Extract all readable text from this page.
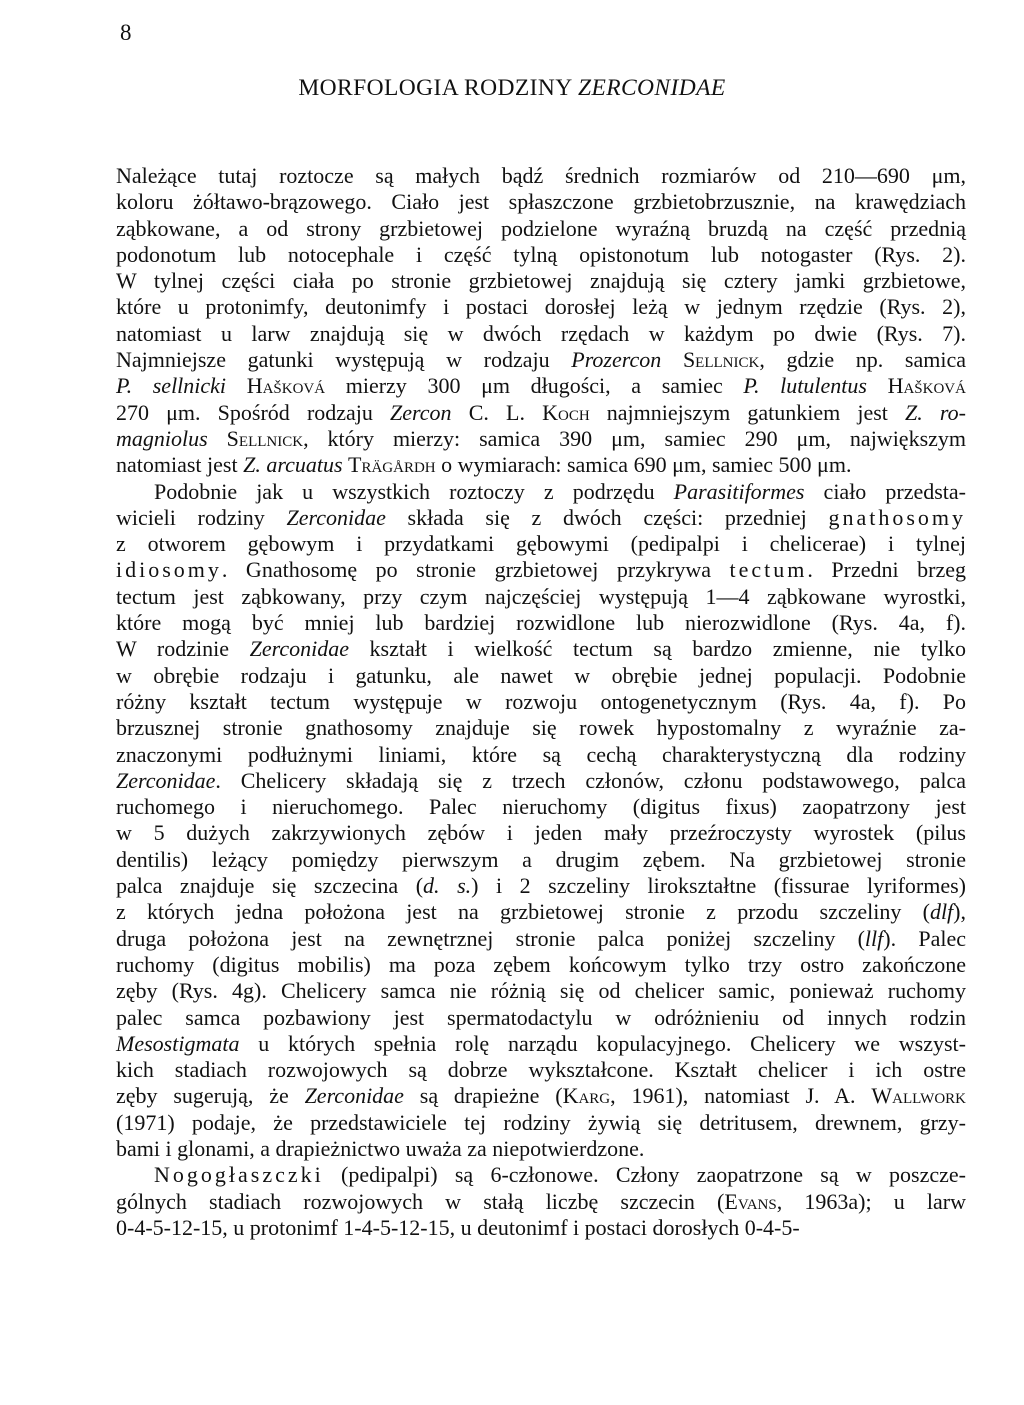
8
MORFOLOGIA RODZINY ZERCONIDAE
Należące tutaj roztocze są małych bądź średnich rozmiarów od 210—690 μm,
koloru żółtawo-brązowego. Ciało jest spłaszczone grzbietobrzusznie, na krawędziach
ząbkowane, a od strony grzbietowej podzielone wyraźną bruzdą na część przednią
podonotum lub notocephale i część tylną opistonotum lub notogaster (Rys. 2).
W tylnej części ciała po stronie grzbietowej znajdują się cztery jamki grzbietowe,
które u protonimfy, deutonimfy i postaci dorosłej leżą w jednym rzędzie (Rys. 2),
natomiast u larw znajdują się w dwóch rzędach w każdym po dwie (Rys. 7).
Najmniejsze gatunki występują w rodzaju Prozercon Sellnick, gdzie np. samica
P. sellnicki Hašková mierzy 300 μm długości, a samiec P. lutulentus Hašková
270 μm. Spośród rodzaju Zercon C. L. Koch najmniejszym gatunkiem jest Z. ro-
magniolus Sellnick, który mierzy: samica 390 μm, samiec 290 μm, największym
natomiast jest Z. arcuatus Trägårdh o wymiarach: samica 690 μm, samiec 500 μm.
Podobnie jak u wszystkich roztoczy z podrzędu Parasitiformes ciało przedsta-
wicieli rodziny Zerconidae składa się z dwóch części: przedniej gnathosomy
z otworem gębowym i przydatkami gębowymi (pedipalpi i chelicerae) i tylnej
idiosomy. Gnathosomę po stronie grzbietowej przykrywa tectum. Przedni brzeg
tectum jest ząbkowany, przy czym najczęściej występują 1—4 ząbkowane wyrostki,
które mogą być mniej lub bardziej rozwidlone lub nierozwidlone (Rys. 4a, f).
W rodzinie Zerconidae kształt i wielkość tectum są bardzo zmienne, nie tylko
w obrębie rodzaju i gatunku, ale nawet w obrębie jednej populacji. Podobnie
różny kształt tectum występuje w rozwoju ontogenetycznym (Rys. 4a, f). Po
brzusznej stronie gnathosomy znajduje się rowek hypostomalny z wyraźnie za-
znaczonymi podłużnymi liniami, które są cechą charakterystyczną dla rodziny
Zerconidae. Chelicery składają się z trzech członów, członu podstawowego, palca
ruchomego i nieruchomego. Palec nieruchomy (digitus fixus) zaopatrzony jest
w 5 dużych zakrzywionych zębów i jeden mały przeźroczysty wyrostek (pilus
dentilis) leżący pomiędzy pierwszym a drugim zębem. Na grzbietowej stronie
palca znajduje się szczecina (d. s.) i 2 szczeliny lirokształtne (fissurae lyriformes)
z których jedna położona jest na grzbietowej stronie z przodu szczeliny (dlf),
druga położona jest na zewnętrznej stronie palca poniżej szczeliny (llf). Palec
ruchomy (digitus mobilis) ma poza zębem końcowym tylko trzy ostro zakończone
zęby (Rys. 4g). Chelicery samca nie różnią się od chelicer samic, ponieważ ruchomy
palec samca pozbawiony jest spermatodactylu w odróżnieniu od innych rodzin
Mesostigmata u których spełnia rolę narządu kopulacyjnego. Chelicery we wszyst-
kich stadiach rozwojowych są dobrze wykształcone. Kształt chelicer i ich ostre
zęby sugerują, że Zerconidae są drapieżne (Karg, 1961), natomiast J. A. Wallwork
(1971) podaje, że przedstawiciele tej rodziny żywią się detritusem, drewnem, grzy-
bami i glonami, a drapieżnictwo uważa za niepotwierdzone.
Nogogłaszczki (pedipalpi) są 6-członowe. Człony zaopatrzone są w poszcze-
gólnych stadiach rozwojowych w stałą liczbę szczecin (Evans, 1963a); u larw
0-4-5-12-15, u protonimf 1-4-5-12-15, u deutonimf i postaci dorosłych 0-4-5-
